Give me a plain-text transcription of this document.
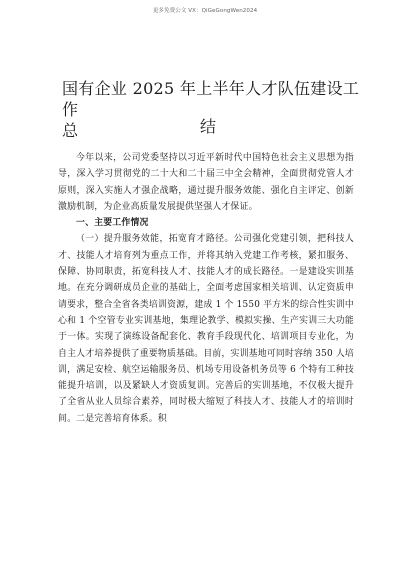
更多免费公文 VX：QiGeGongWen2024
国有企业 2025 年上半年人才队伍建设工作
总	结

今年以来，公司党委坚持以习近平新时代中国特色社会主义思想为指导，深入学习贯彻党的二十大和二十届三中全会精神，全面贯彻党管人才原则，深入实施人才强企战略，通过提升服务效能、强化自主评定、创新激励机制，为企业高质量发展提供坚强人才保证。

一、主要工作情况

（一）提升服务效能，拓宽育才路径。公司强化党建引领，把科技人才、技能人才培育列为重点工作，并将其纳入党建工作考核，紧扣服务、保障、协同职责，拓宽科技人才、技能人才的成长路径。一是建设实训基地。在充分调研成员企业的基础上，全面考虑国家相关培训、认定资质申请要求，整合全省各类培训资源，建成 1 个 1550 平方米的综合性实训中心和 1 个空管专业实训基地，集理论教学、模拟实操、生产实训三大功能于一体。实现了演练设备配套化、教育手段现代化、培训项目专业化，为自主人才培养提供了重要物质基础。目前，实训基地可同时容纳 350 人培训，满足安检、航空运输服务员、机场专用设备机务员等 6 个特有工种技能提升培训，以及紧缺人才资质复训。完善后的实训基地，不仅极大提升了全省从业人员综合素养，同时极大缩短了科技人才、技能人才的培训时间。二是完善培育体系。积
